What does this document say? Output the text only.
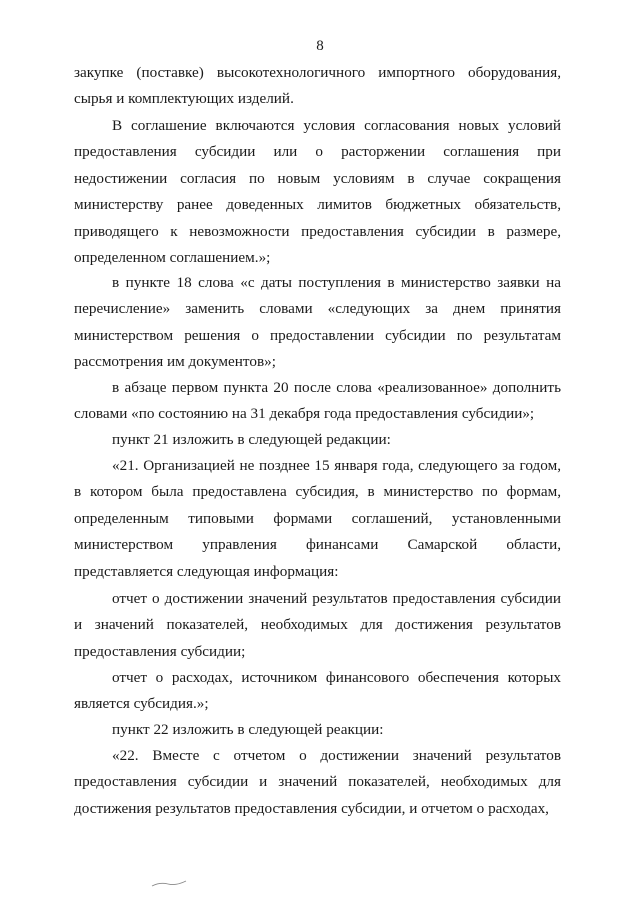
8

закупке (поставке) высокотехнологичного импортного оборудования, сырья и комплектующих изделий.

В соглашение включаются условия согласования новых условий предоставления субсидии или о расторжении соглашения при недостижении согласия по новым условиям в случае сокращения министерству ранее доведенных лимитов бюджетных обязательств, приводящего к невозможности предоставления субсидии в размере, определенном соглашением.»;

в пункте 18 слова «с даты поступления в министерство заявки на перечисление» заменить словами «следующих за днем принятия министерством решения о предоставлении субсидии по результатам рассмотрения им документов»;

в абзаце первом пункта 20 после слова «реализованное» дополнить словами «по состоянию на 31 декабря года предоставления субсидии»;

пункт 21 изложить в следующей редакции:

«21. Организацией не позднее 15 января года, следующего за годом, в котором была предоставлена субсидия, в министерство по формам, определенным типовыми формами соглашений, установленными министерством управления финансами Самарской области, представляется следующая информация:

отчет о достижении значений результатов предоставления субсидии и значений показателей, необходимых для достижения результатов предоставления субсидии;

отчет о расходах, источником финансового обеспечения которых является субсидия.»;

пункт 22 изложить в следующей реакции:

«22. Вместе с отчетом о достижении значений результатов предоставления субсидии и значений показателей, необходимых для достижения результатов предоставления субсидии, и отчетом о расходах,
